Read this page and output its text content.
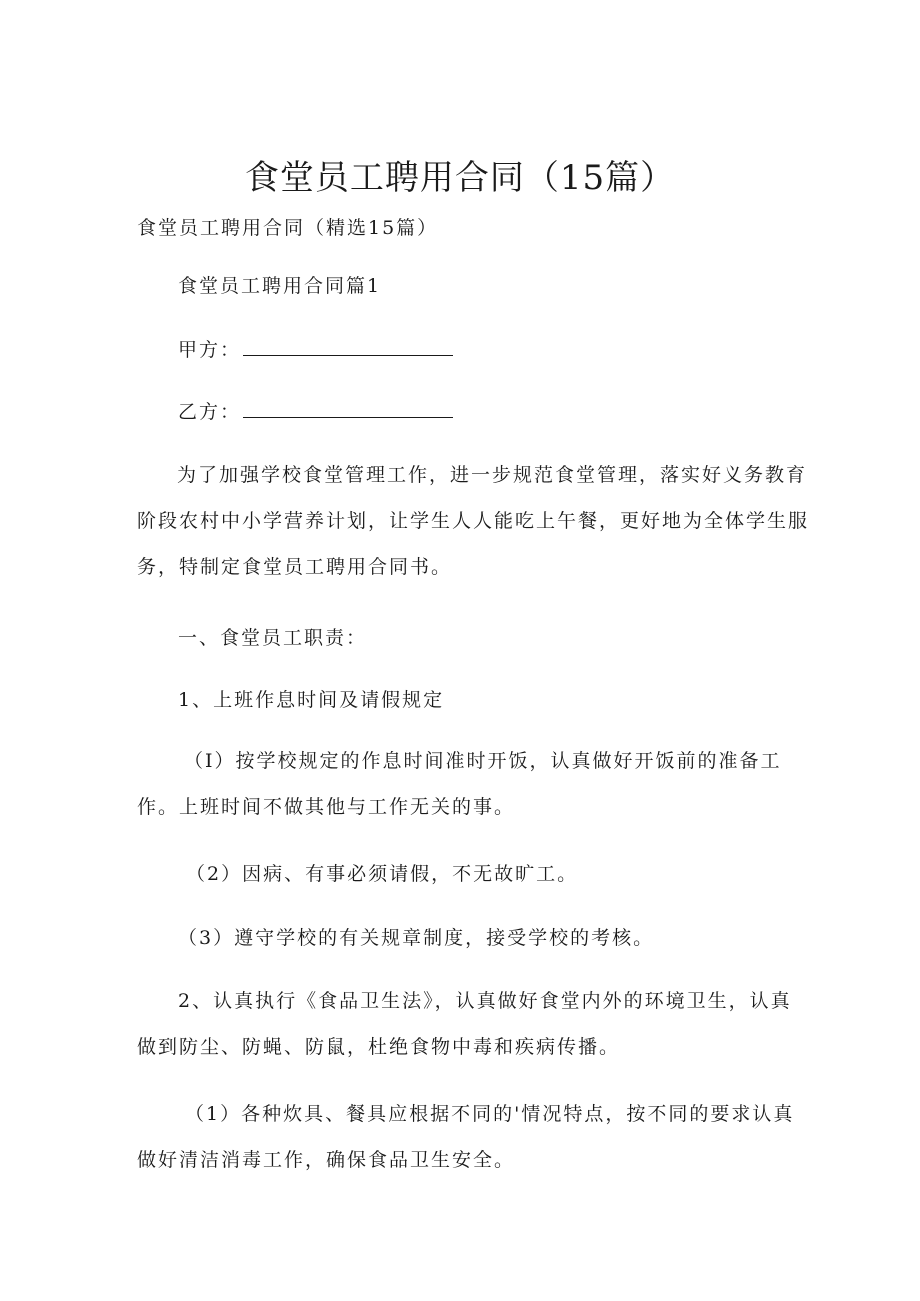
食堂员工聘用合同（15篇）
食堂员工聘用合同（精选15篇）
食堂员工聘用合同篇1
甲方：
乙方：
为了加强学校食堂管理工作，进一步规范食堂管理，落实好义务教育
阶段农村中小学营养计划，让学生人人能吃上午餐，更好地为全体学生服
务，特制定食堂员工聘用合同书。
一、食堂员工职责：
1、上班作息时间及请假规定
（I）按学校规定的作息时间准时开饭，认真做好开饭前的准备工
作。上班时间不做其他与工作无关的事。
（2）因病、有事必须请假，不无故旷工。
（3）遵守学校的有关规章制度，接受学校的考核。
2、认真执行《食品卫生法》，认真做好食堂内外的环境卫生，认真
做到防尘、防蝇、防鼠，杜绝食物中毒和疾病传播。
（1）各种炊具、餐具应根据不同的'情况特点，按不同的要求认真
做好清洁消毒工作，确保食品卫生安全。
